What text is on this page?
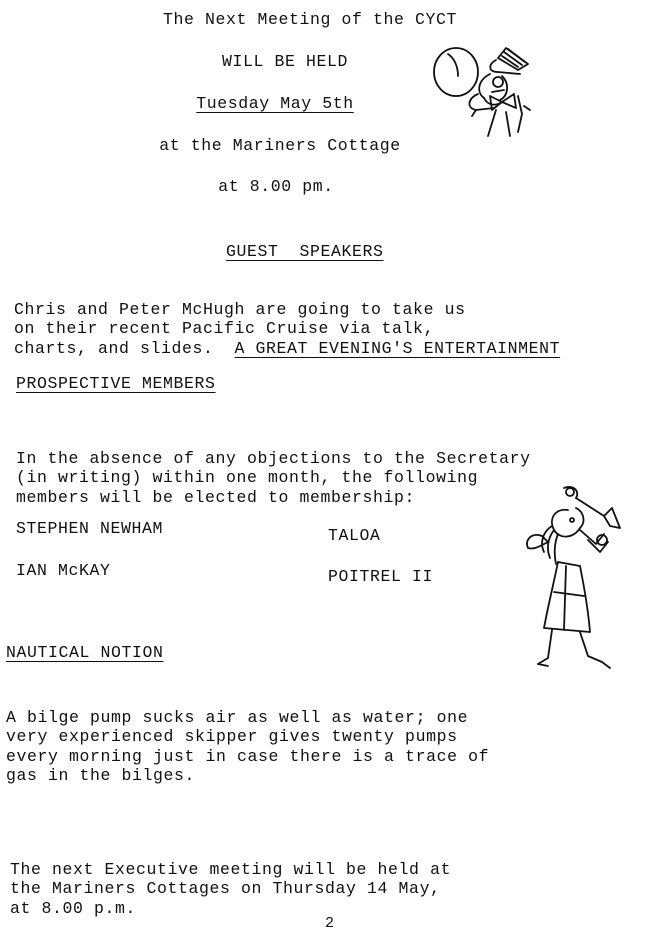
The Next Meeting of the CYCT
WILL BE HELD
Tuesday May 5th
at the Mariners Cottage
at 8.00 pm.
GUEST  SPEAKERS

Chris and Peter McHugh are going to take us
on their recent Pacific Cruise via talk,
charts, and slides. A GREAT EVENING'S ENTERTAINMENT
PROSPECTIVE MEMBERS

In the absence of any objections to the Secretary
(in writing) within one month, the following
members will be elected to membership:
STEPHEN NEWHAM	TALOA
IAN McKAY	POITREL II
NAUTICAL NOTION

A bilge pump sucks air as well as water; one
very experienced skipper gives twenty pumps
every morning just in case there is a trace of
gas in the bilges.

The next Executive meeting will be held at
the Mariners Cottages on Thursday 14 May,
at 8.00 p.m.
2
